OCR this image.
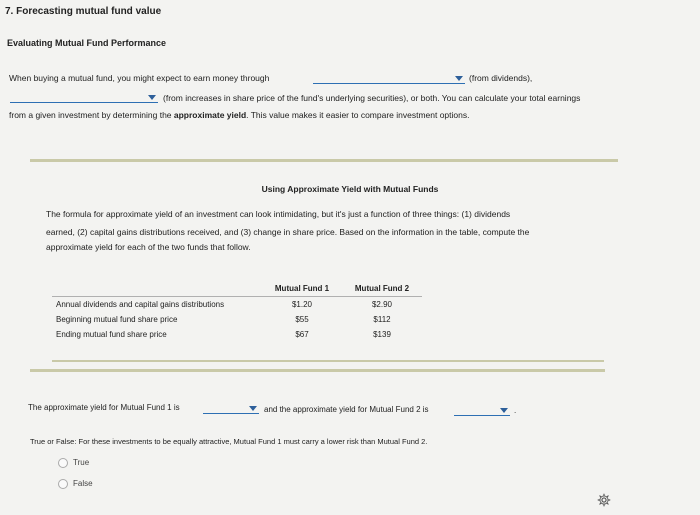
7. Forecasting mutual fund value
Evaluating Mutual Fund Performance
When buying a mutual fund, you might expect to earn money through	(from dividends),
(from increases in share price of the fund's underlying securities), or both. You can calculate your total earnings
from a given investment by determining the approximate yield. This value makes it easier to compare investment options.
Using Approximate Yield with Mutual Funds
The formula for approximate yield of an investment can look intimidating, but it's just a function of three things: (1) dividends
earned, (2) capital gains distributions received, and (3) change in share price. Based on the information in the table, compute the
approximate yield for each of the two funds that follow.
	Mutual Fund 1	Mutual Fund 2
Annual dividends and capital gains distributions	$1.20	$2.90
Beginning mutual fund share price	$55	$112
Ending mutual fund share price	$67	$139
The approximate yield for Mutual Fund 1 is	and the approximate yield for Mutual Fund 2 is	.
True or False: For these investments to be equally attractive, Mutual Fund 1 must carry a lower risk than Mutual Fund 2.
True
False
